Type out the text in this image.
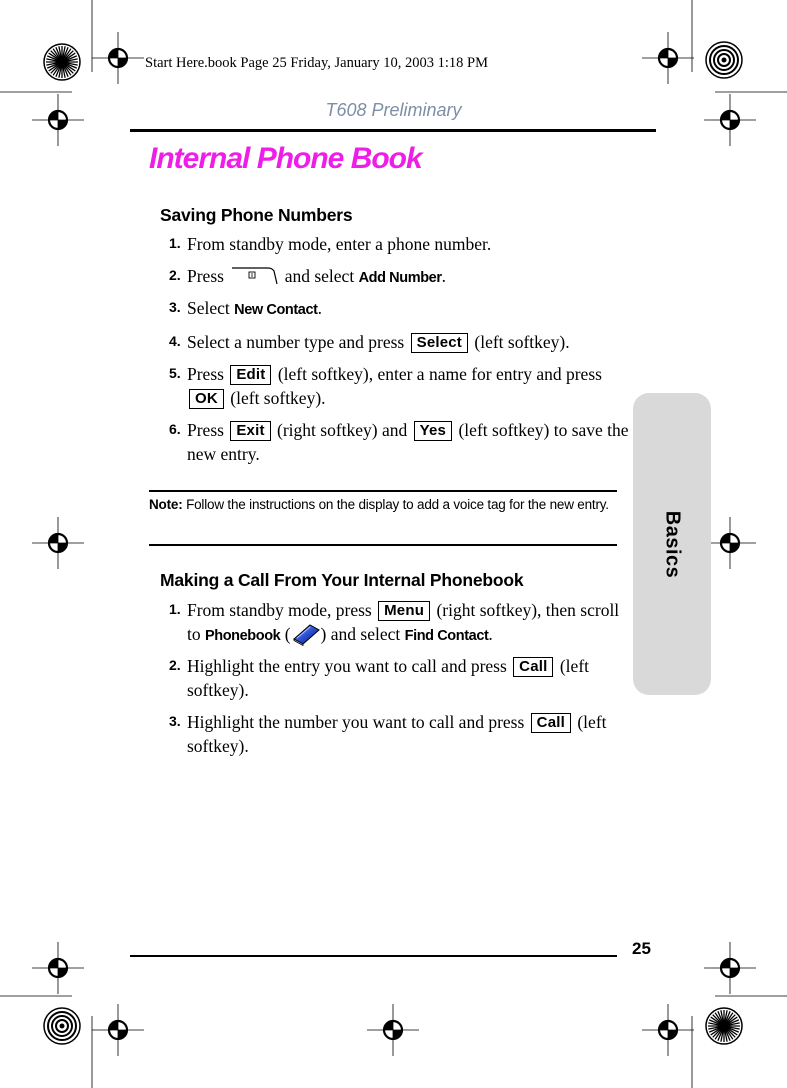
Start Here.book Page 25 Friday, January 10, 2003 1:18 PM
T608 Preliminary
Internal Phone Book
Basics
Saving Phone Numbers
1. From standby mode, enter a phone number.
2. Press	and select Add Number.
3. Select New Contact.
4. Select a number type and press Select (left softkey).
5. Press Edit (left softkey), enter a name for entry and press OK (left softkey).
6. Press Exit (right softkey) and Yes (left softkey) to save the new entry.
Note: Follow the instructions on the display to add a voice tag for the new entry.
Making a Call From Your Internal Phonebook
1. From standby mode, press Menu (right softkey), then scroll to Phonebook ( ) and select Find Contact.
2. Highlight the entry you want to call and press Call (left softkey).
3. Highlight the number you want to call and press Call (left softkey).
25
